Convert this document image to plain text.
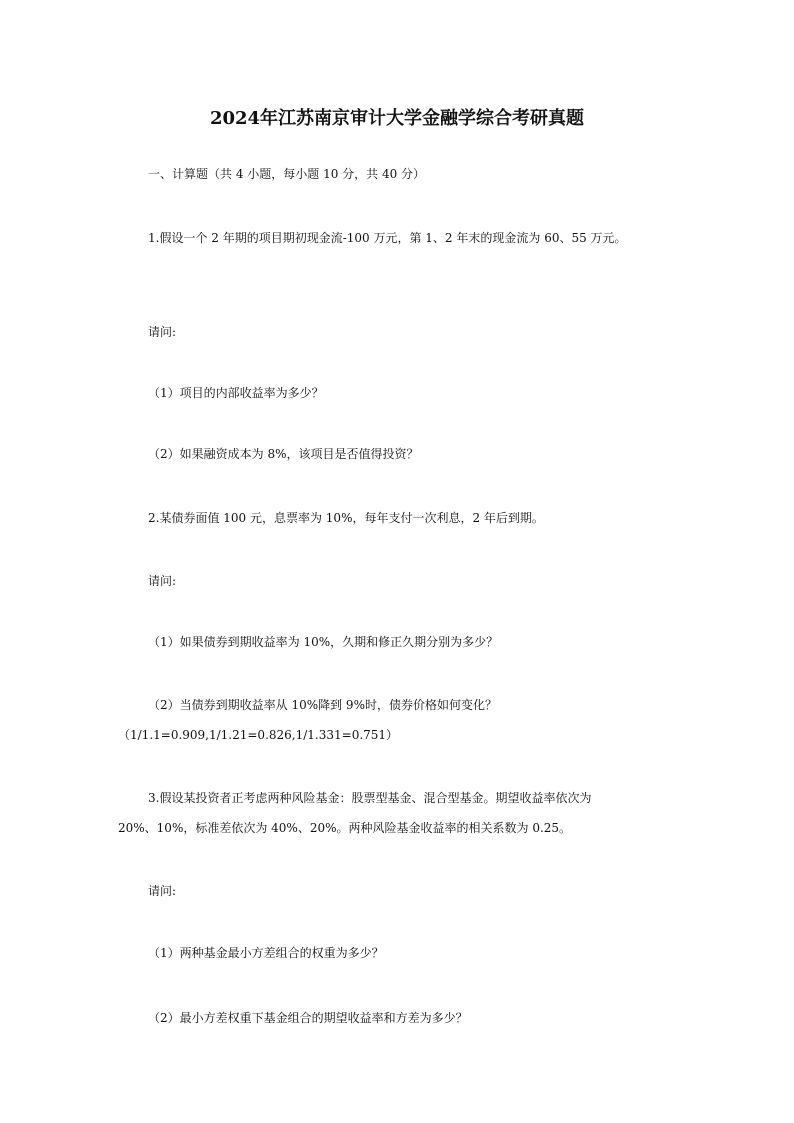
2024年江苏南京审计大学金融学综合考研真题
一、计算题（共 4 小题，每小题 10 分，共 40 分）
1.假设一个 2 年期的项目期初现金流-100 万元，第 1、2 年末的现金流为 60、55 万元。
请问:
（1）项目的内部收益率为多少？
（2）如果融资成本为 8%，该项目是否值得投资？
2.某债券面值 100 元，息票率为 10%，每年支付一次利息，2 年后到期。
请问:
（1）如果债券到期收益率为 10%，久期和修正久期分别为多少？
（2）当债券到期收益率从 10%降到 9%时，债券价格如何变化？
（1/1.1=0.909,1/1.21=0.826,1/1.331=0.751）
3.假设某投资者正考虑两种风险基金：股票型基金、混合型基金。期望收益率依次为
20%、10%，标准差依次为 40%、20%。两种风险基金收益率的相关系数为 0.25。
请问:
（1）两种基金最小方差组合的权重为多少？
（2）最小方差权重下基金组合的期望收益率和方差为多少？
